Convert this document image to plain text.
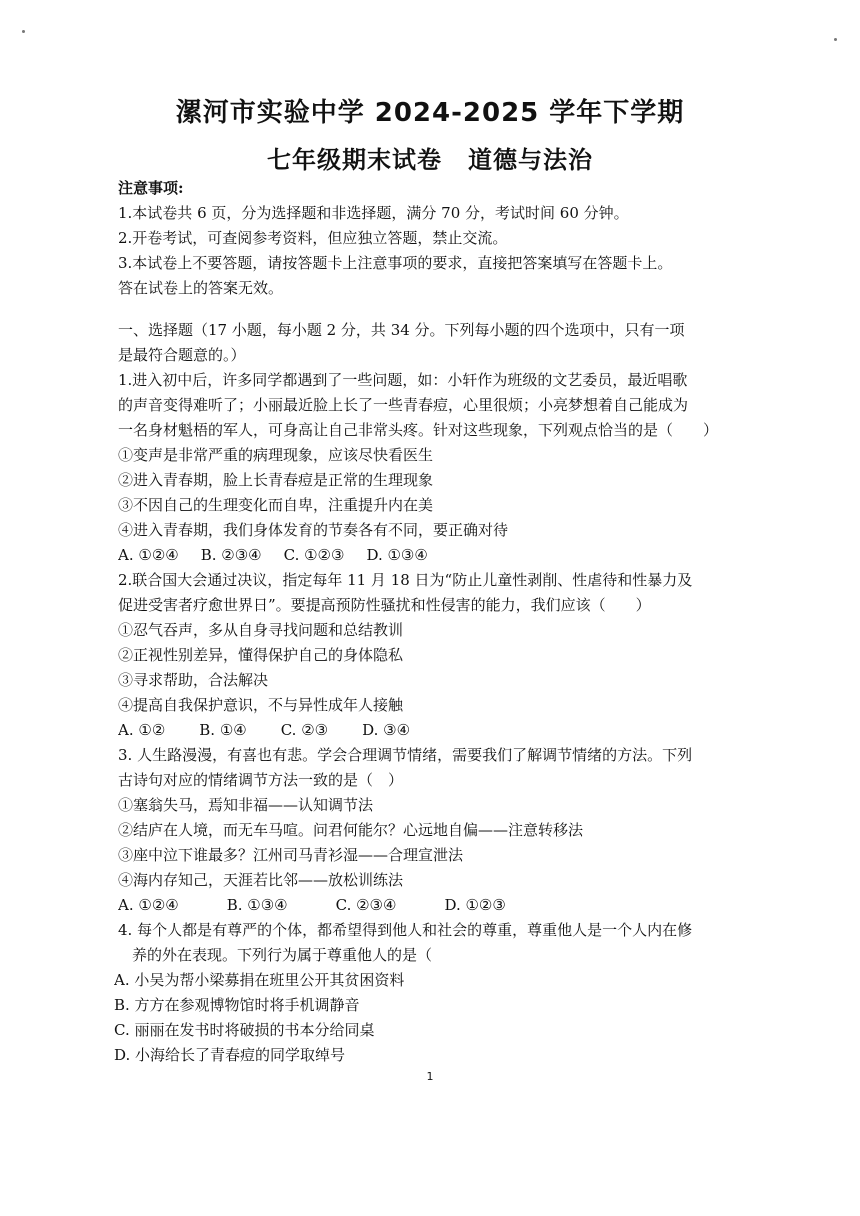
漯河市实验中学 2024-2025 学年下学期
七年级期末试卷 道德与法治
注意事项:
1.本试卷共 6 页，分为选择题和非选择题，满分 70 分，考试时间 60 分钟。
2.开卷考试，可查阅参考资料，但应独立答题，禁止交流。
3.本试卷上不要答题，请按答题卡上注意事项的要求，直接把答案填写在答题卡上。
答在试卷上的答案无效。
一、选择题（17 小题，每小题 2 分，共 34 分。下列每小题的四个选项中，只有一项
是最符合题意的。）
1.进入初中后，许多同学都遇到了一些问题，如：小轩作为班级的文艺委员，最近唱歌
的声音变得难听了；小丽最近脸上长了一些青春痘，心里很烦；小亮梦想着自己能成为
一名身材魁梧的军人，可身高让自己非常头疼。针对这些现象，下列观点恰当的是（　　）
①变声是非常严重的病理现象，应该尽快看医生
②进入青春期，脸上长青春痘是正常的生理现象
③不因自己的生理变化而自卑，注重提升内在美
④进入青春期，我们身体发育的节奏各有不同，要正确对待
A. ①②④ B. ②③④ C. ①②③ D. ①③④
2.联合国大会通过决议，指定每年 11 月 18 日为“防止儿童性剥削、性虐待和性暴力及
促进受害者疗愈世界日”。要提高预防性骚扰和性侵害的能力，我们应该（　　）
①忍气吞声，多从自身寻找问题和总结教训
②正视性别差异，懂得保护自己的身体隐私
③寻求帮助，合法解决
④提高自我保护意识，不与异性成年人接触
A. ①② B. ①④ C. ②③ D. ③④
3. 人生路漫漫，有喜也有悲。学会合理调节情绪，需要我们了解调节情绪的方法。下列
古诗句对应的情绪调节方法一致的是（　）
①塞翁失马，焉知非福——认知调节法
②结庐在人境，而无车马喧。问君何能尔？心远地自偏——注意转移法
③座中泣下谁最多？江州司马青衫湿——合理宣泄法
④海内存知己，天涯若比邻——放松训练法
A. ①②④	B. ①③④	C. ②③④	D. ①②③
4. 每个人都是有尊严的个体，都希望得到他人和社会的尊重，尊重他人是一个人内在修
养的外在表现。下列行为属于尊重他人的是（
A. 小吴为帮小梁募捐在班里公开其贫困资料
B. 方方在参观博物馆时将手机调静音
C. 丽丽在发书时将破损的书本分给同桌
D. 小海给长了青春痘的同学取绰号
1
